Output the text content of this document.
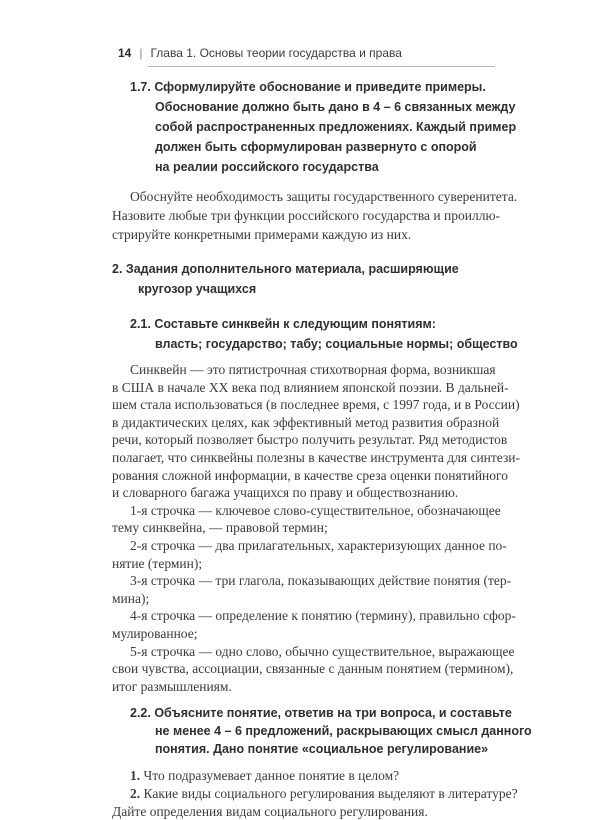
14 | Глава 1. Основы теории государства и права
1.7. Сформулируйте обоснование и приведите примеры.
Обоснование должно быть дано в 4 – 6 связанных между
собой распространенных предложениях. Каждый пример
должен быть сформулирован развернуто с опорой
на реалии российского государства
Обоснуйте необходимость защиты государственного суверенитета.
Назовите любые три функции российского государства и проиллю-
стрируйте конкретными примерами каждую из них.
2. Задания дополнительного материала, расширяющие
кругозор учащихся
2.1. Составьте синквейн к следующим понятиям:
власть; государство; табу; социальные нормы; общество
Синквейн — это пятистрочная стихотворная форма, возникшая
в США в начале XX века под влиянием японской поэзии. В дальней-
шем стала использоваться (в последнее время, с 1997 года, и в России)
в дидактических целях, как эффективный метод развития образной
речи, который позволяет быстро получить результат. Ряд методистов
полагает, что синквейны полезны в качестве инструмента для синтези-
рования сложной информации, в качестве среза оценки понятийного
и словарного багажа учащихся по праву и обществознанию.
1-я строчка — ключевое слово-существительное, обозначающее
тему синквейна, — правовой термин;
2-я строчка — два прилагательных, характеризующих данное по-
нятие (термин);
3-я строчка — три глагола, показывающих действие понятия (тер-
мина);
4-я строчка — определение к понятию (термину), правильно сфор-
мулированное;
5-я строчка — одно слово, обычно существительное, выражающее
свои чувства, ассоциации, связанные с данным понятием (термином),
итог размышлениям.
2.2. Объясните понятие, ответив на три вопроса, и составьте
не менее 4 – 6 предложений, раскрывающих смысл данного
понятия. Дано понятие «социальное регулирование»
1. Что подразумевает данное понятие в целом?
2. Какие виды социального регулирования выделяют в литературе?
Дайте определения видам социального регулирования.
